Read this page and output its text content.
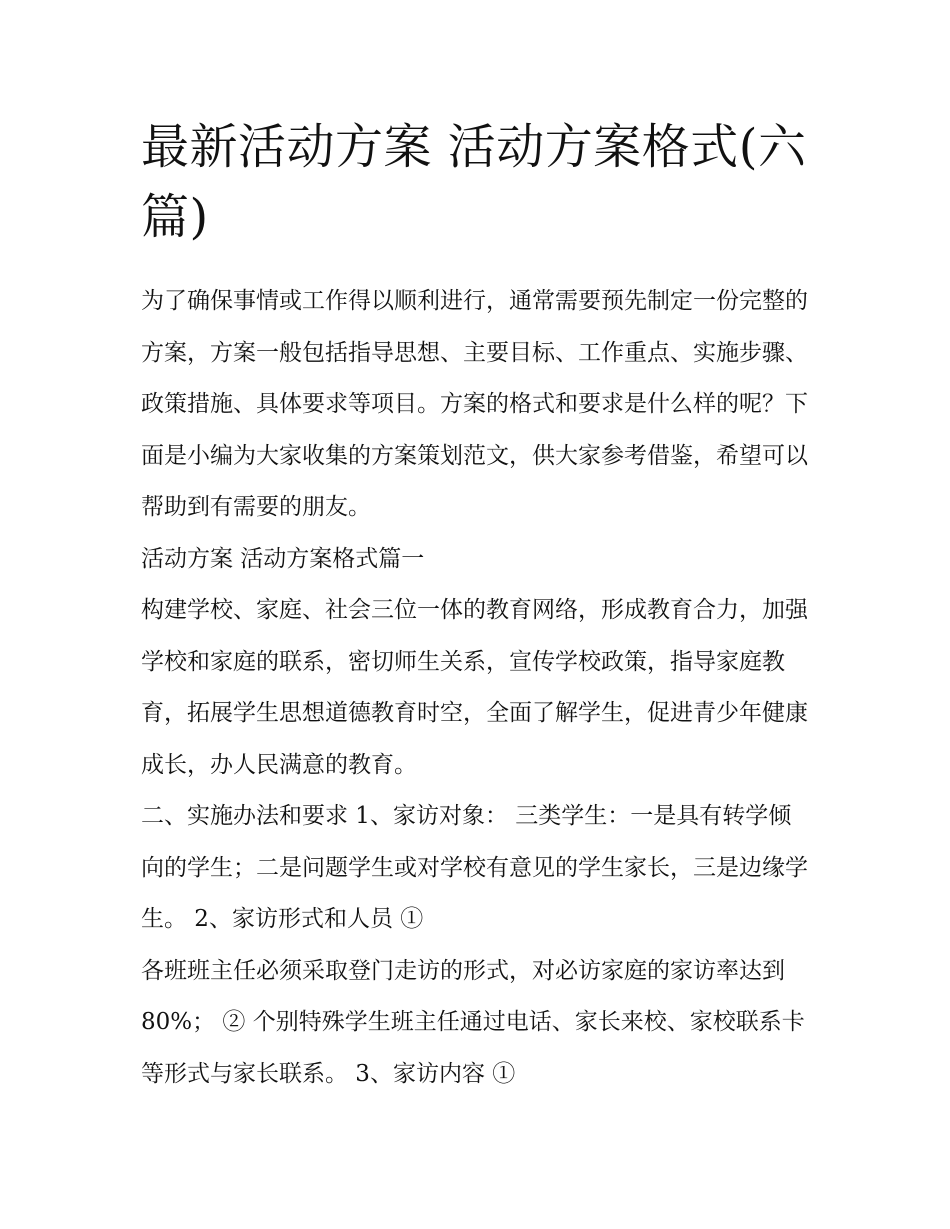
最新活动方案 活动方案格式(六篇)

为了确保事情或工作得以顺利进行，通常需要预先制定一份完整的方案，方案一般包括指导思想、主要目标、工作重点、实施步骤、政策措施、具体要求等项目。方案的格式和要求是什么样的呢？下面是小编为大家收集的方案策划范文，供大家参考借鉴，希望可以帮助到有需要的朋友。

活动方案 活动方案格式篇一

构建学校、家庭、社会三位一体的教育网络，形成教育合力，加强学校和家庭的联系，密切师生关系，宣传学校政策，指导家庭教育，拓展学生思想道德教育时空，全面了解学生，促进青少年健康成长，办人民满意的教育。

二、实施办法和要求 1、家访对象： 三类学生：一是具有转学倾向的学生；二是问题学生或对学校有意见的学生家长，三是边缘学生。 2、家访形式和人员 ①

各班班主任必须采取登门走访的形式，对必访家庭的家访率达到 80%； ② 个别特殊学生班主任通过电话、家长来校、家校联系卡等形式与家长联系。 3、家访内容 ①
